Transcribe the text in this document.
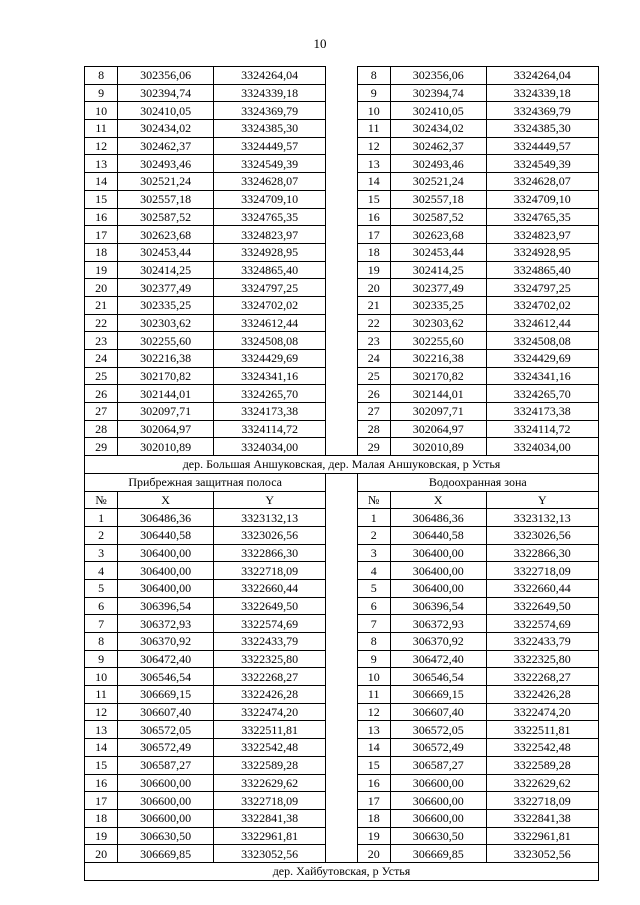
10
8	302356,06	3324264,04		8	302356,06	3324264,04
9	302394,74	3324339,18		9	302394,74	3324339,18
10	302410,05	3324369,79		10	302410,05	3324369,79
11	302434,02	3324385,30		11	302434,02	3324385,30
12	302462,37	3324449,57		12	302462,37	3324449,57
13	302493,46	3324549,39		13	302493,46	3324549,39
14	302521,24	3324628,07		14	302521,24	3324628,07
15	302557,18	3324709,10		15	302557,18	3324709,10
16	302587,52	3324765,35		16	302587,52	3324765,35
17	302623,68	3324823,97		17	302623,68	3324823,97
18	302453,44	3324928,95		18	302453,44	3324928,95
19	302414,25	3324865,40		19	302414,25	3324865,40
20	302377,49	3324797,25		20	302377,49	3324797,25
21	302335,25	3324702,02		21	302335,25	3324702,02
22	302303,62	3324612,44		22	302303,62	3324612,44
23	302255,60	3324508,08		23	302255,60	3324508,08
24	302216,38	3324429,69		24	302216,38	3324429,69
25	302170,82	3324341,16		25	302170,82	3324341,16
26	302144,01	3324265,70		26	302144,01	3324265,70
27	302097,71	3324173,38		27	302097,71	3324173,38
28	302064,97	3324114,72		28	302064,97	3324114,72
29	302010,89	3324034,00		29	302010,89	3324034,00
дер. Большая Аншуковская, дер. Малая Аншуковская, р Устья						
Прибрежная защитная полоса				Водоохранная зона		
№	X	Y		№	X	Y
1	306486,36	3323132,13		1	306486,36	3323132,13
2	306440,58	3323026,56		2	306440,58	3323026,56
3	306400,00	3322866,30		3	306400,00	3322866,30
4	306400,00	3322718,09		4	306400,00	3322718,09
5	306400,00	3322660,44		5	306400,00	3322660,44
6	306396,54	3322649,50		6	306396,54	3322649,50
7	306372,93	3322574,69		7	306372,93	3322574,69
8	306370,92	3322433,79		8	306370,92	3322433,79
9	306472,40	3322325,80		9	306472,40	3322325,80
10	306546,54	3322268,27		10	306546,54	3322268,27
11	306669,15	3322426,28		11	306669,15	3322426,28
12	306607,40	3322474,20		12	306607,40	3322474,20
13	306572,05	3322511,81		13	306572,05	3322511,81
14	306572,49	3322542,48		14	306572,49	3322542,48
15	306587,27	3322589,28		15	306587,27	3322589,28
16	306600,00	3322629,62		16	306600,00	3322629,62
17	306600,00	3322718,09		17	306600,00	3322718,09
18	306600,00	3322841,38		18	306600,00	3322841,38
19	306630,50	3322961,81		19	306630,50	3322961,81
20	306669,85	3323052,56		20	306669,85	3323052,56
дер. Хайбутовская, р Устья						
